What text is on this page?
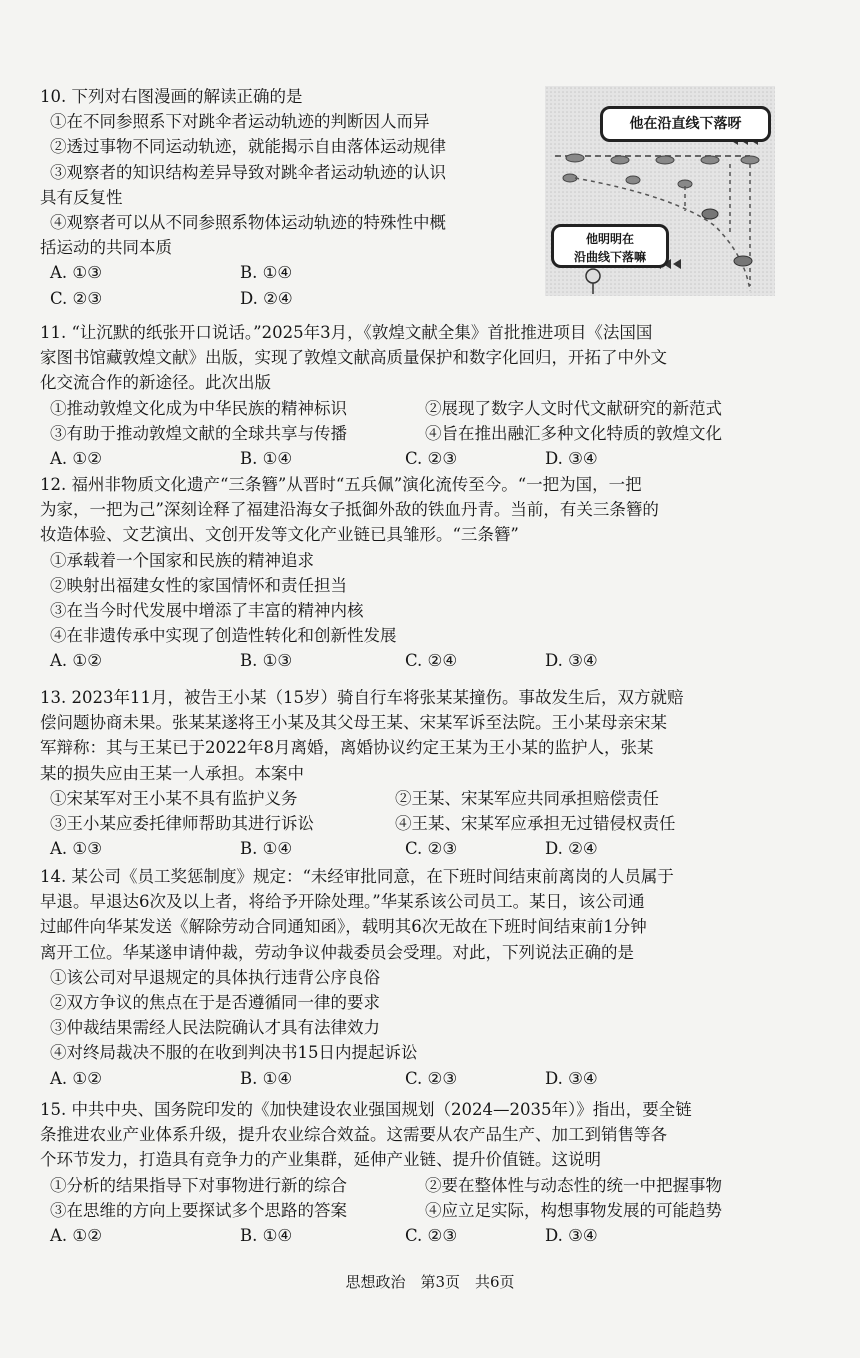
10. 下列对右图漫画的解读正确的是

①在不同参照系下对跳伞者运动轨迹的判断因人而异

②透过事物不同运动轨迹，就能揭示自由落体运动规律

③观察者的知识结构差异导致对跳伞者运动轨迹的认识

具有反复性

④观察者可以从不同参照系物体运动轨迹的特殊性中概

括运动的共同本质

A. ①③	B. ①④
C. ②③	D. ②④
他在沿直线下落呀
他明明在
沿曲线下落嘛

11. “让沉默的纸张开口说话。”2025年3月，《敦煌文献全集》首批推进项目《法国国

家图书馆藏敦煌文献》出版，实现了敦煌文献高质量保护和数字化回归，开拓了中外文

化交流合作的新途径。此次出版

①推动敦煌文化成为中华民族的精神标识	②展现了数字人文时代文献研究的新范式
③有助于推动敦煌文献的全球共享与传播	④旨在推出融汇多种文化特质的敦煌文化
A. ①②	B. ①④	C. ②③	D. ③④

12. 福州非物质文化遗产“三条簪”从晋时“五兵佩”演化流传至今。“一把为国，一把

为家，一把为己”深刻诠释了福建沿海女子抵御外敌的铁血丹青。当前，有关三条簪的

妆造体验、文艺演出、文创开发等文化产业链已具雏形。“三条簪”

①承载着一个国家和民族的精神追求

②映射出福建女性的家国情怀和责任担当

③在当今时代发展中增添了丰富的精神内核

④在非遗传承中实现了创造性转化和创新性发展

A. ①②	B. ①③	C. ②④	D. ③④

13. 2023年11月，被告王小某（15岁）骑自行车将张某某撞伤。事故发生后，双方就赔

偿问题协商未果。张某某遂将王小某及其父母王某、宋某军诉至法院。王小某母亲宋某

军辩称：其与王某已于2022年8月离婚，离婚协议约定王某为王小某的监护人，张某

某的损失应由王某一人承担。本案中

①宋某军对王小某不具有监护义务	②王某、宋某军应共同承担赔偿责任
③王小某应委托律师帮助其进行诉讼	④王某、宋某军应承担无过错侵权责任
A. ①③	B. ①④	C. ②③	D. ②④

14. 某公司《员工奖惩制度》规定：“未经审批同意，在下班时间结束前离岗的人员属于

早退。早退达6次及以上者，将给予开除处理。”华某系该公司员工。某日，该公司通

过邮件向华某发送《解除劳动合同通知函》，载明其6次无故在下班时间结束前1分钟

离开工位。华某遂申请仲裁，劳动争议仲裁委员会受理。对此，下列说法正确的是

①该公司对早退规定的具体执行违背公序良俗

②双方争议的焦点在于是否遵循同一律的要求

③仲裁结果需经人民法院确认才具有法律效力

④对终局裁决不服的在收到判决书15日内提起诉讼

A. ①②	B. ①④	C. ②③	D. ③④

15. 中共中央、国务院印发的《加快建设农业强国规划（2024—2035年）》指出，要全链

条推进农业产业体系升级，提升农业综合效益。这需要从农产品生产、加工到销售等各

个环节发力，打造具有竞争力的产业集群，延伸产业链、提升价值链。这说明

①分析的结果指导下对事物进行新的综合	②要在整体性与动态性的统一中把握事物
③在思维的方向上要探试多个思路的答案	④应立足实际，构想事物发展的可能趋势
A. ①②	B. ①④	C. ②③	D. ③④
思想政治　第3页　共6页
